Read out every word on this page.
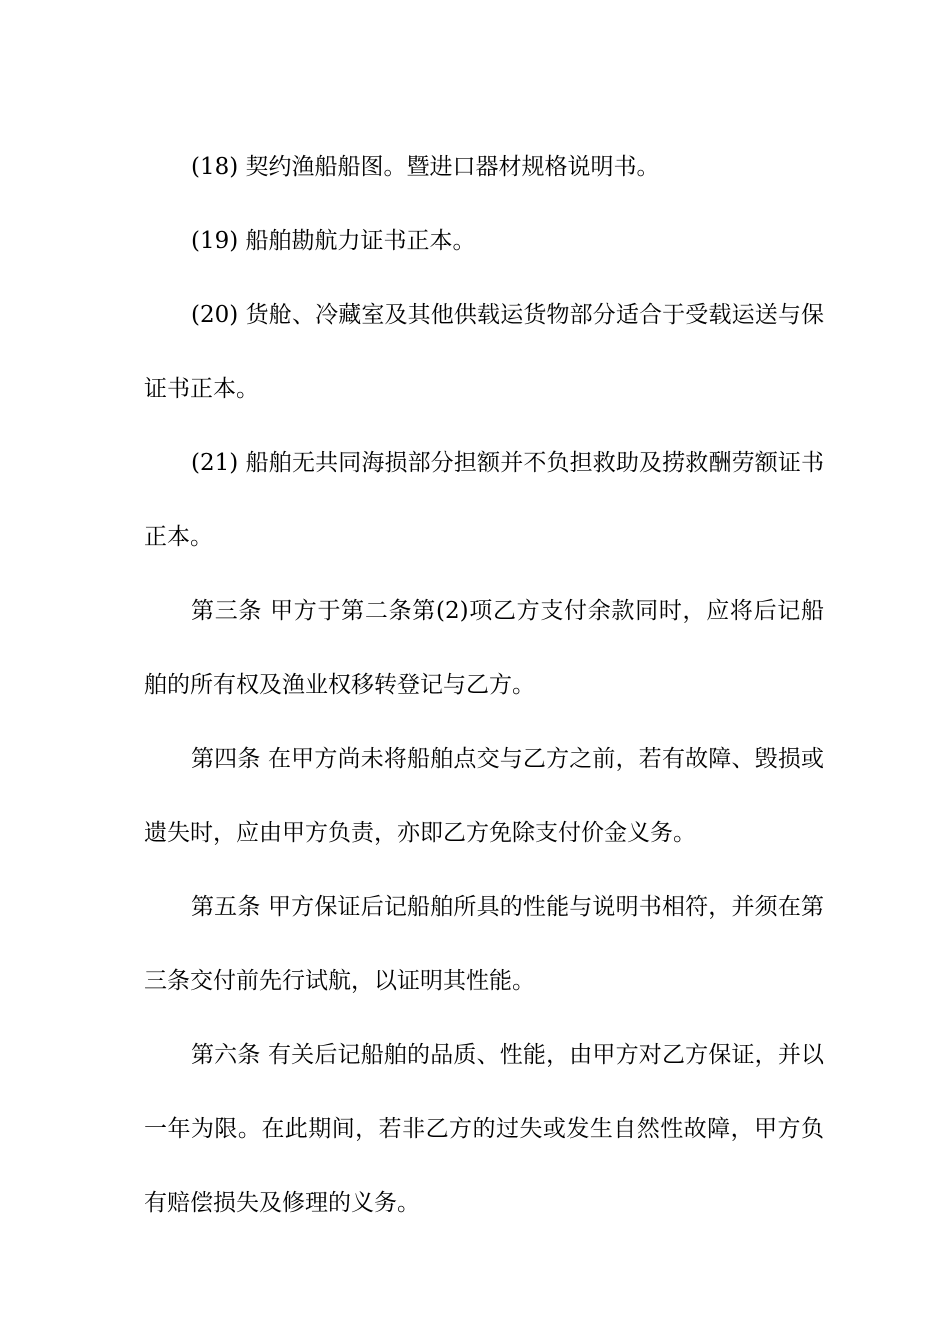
(18) 契约渔船船图。暨进口器材规格说明书。

(19) 船舶勘航力证书正本。

(20) 货舱、冷藏室及其他供载运货物部分适合于受载运送与保证书正本。

(21) 船舶无共同海损部分担额并不负担救助及捞救酬劳额证书正本。

第三条 甲方于第二条第(2)项乙方支付余款同时，应将后记船舶的所有权及渔业权移转登记与乙方。

第四条 在甲方尚未将船舶点交与乙方之前，若有故障、毁损或遗失时，应由甲方负责，亦即乙方免除支付价金义务。

第五条 甲方保证后记船舶所具的性能与说明书相符，并须在第三条交付前先行试航，以证明其性能。

第六条 有关后记船舶的品质、性能，由甲方对乙方保证，并以一年为限。在此期间，若非乙方的过失或发生自然性故障，甲方负有赔偿损失及修理的义务。
